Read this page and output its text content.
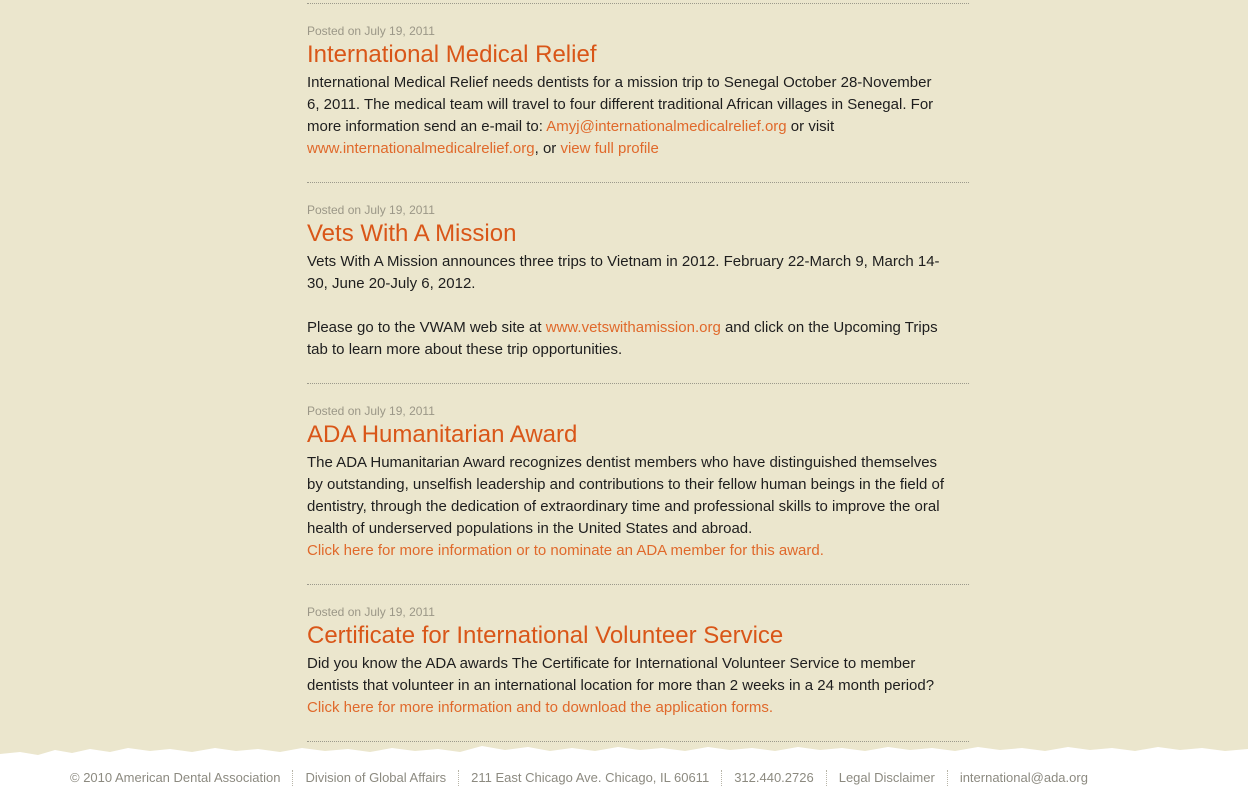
Posted on July 19, 2011
International Medical Relief

International Medical Relief needs dentists for a mission trip to Senegal October 28-November 6, 2011. The medical team will travel to four different traditional African villages in Senegal. For more information send an e-mail to: Amyj@internationalmedicalrelief.org or visit www.internationalmedicalrelief.org, or view full profile

Posted on July 19, 2011
Vets With A Mission

Vets With A Mission announces three trips to Vietnam in 2012. February 22-March 9, March 14-30, June 20-July 6, 2012.

Please go to the VWAM web site at www.vetswithamission.org and click on the Upcoming Trips tab to learn more about these trip opportunities.

Posted on July 19, 2011
ADA Humanitarian Award

The ADA Humanitarian Award recognizes dentist members who have distinguished themselves by outstanding, unselfish leadership and contributions to their fellow human beings in the field of dentistry, through the dedication of extraordinary time and professional skills to improve the oral health of underserved populations in the United States and abroad.
Click here for more information or to nominate an ADA member for this award.

Posted on July 19, 2011
Certificate for International Volunteer Service

Did you know the ADA awards The Certificate for International Volunteer Service to member dentists that volunteer in an international location for more than 2 weeks in a 24 month period? Click here for more information and to download the application forms.

© 2010 American Dental Association	Division of Global Affairs	211 East Chicago Ave. Chicago, IL 60611	312.440.2726	Legal Disclaimer	international@ada.org
